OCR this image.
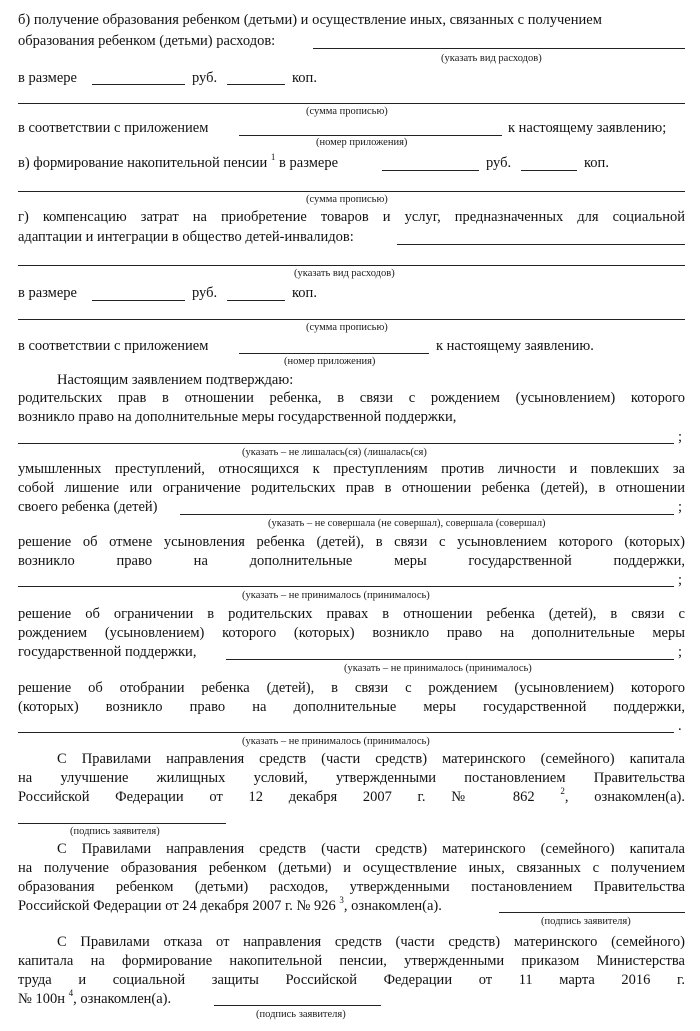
б) получение образования ребенком (детьми) и осуществление иных, связанных с получением
образования ребенком (детьми) расходов:
(указать вид расходов)
в размере	руб.	коп.
(сумма прописью)
в соответствии с приложением	к настоящему заявлению;
(номер приложения)
в) формирование накопительной пенсии $^1$ в размере	руб.	коп.
(сумма прописью)
г) компенсацию затрат на приобретение товаров и услуг, предназначенных для социальной
адаптации и интеграции в общество детей-инвалидов:
(указать вид расходов)
в размере	руб.	коп.
(сумма прописью)
в соответствии с приложением	к настоящему заявлению.
(номер приложения)
Настоящим заявлением подтверждаю:
родительских прав в отношении ребенка, в связи с рождением (усыновлением) которого
возникло право на дополнительные меры государственной поддержки,
;
(указать – не лишалась(ся) (лишалась(ся)
умышленных преступлений, относящихся к преступлениям против личности и повлекших за
собой лишение или ограничение родительских прав в отношении ребенка (детей), в отношении
своего ребенка (детей)	;
(указать – не совершала (не совершал), совершала (совершал)
решение об отмене усыновления ребенка (детей), в связи с усыновлением которого (которых)
возникло право на дополнительные меры государственной поддержки,
;
(указать – не принималось (принималось)
решение об ограничении в родительских правах в отношении ребенка (детей), в связи с
рождением (усыновлением) которого (которых) возникло право на дополнительные меры
государственной поддержки,	;
(указать – не принималось (принималось)
решение об отобрании ребенка (детей), в связи с рождением (усыновлением) которого
(которых) возникло право на дополнительные меры государственной поддержки,
.
(указать – не принималось (принималось)
С Правилами направления средств (части средств) материнского (семейного) капитала
на улучшение жилищных условий, утвержденными постановлением Правительства
Российской Федерации от 12 декабря 2007 г. № 862	$^2$, ознакомлен(а).
(подпись заявителя)
С Правилами направления средств (части средств) материнского (семейного) капитала
на получение образования ребенком (детьми) и осуществление иных, связанных с получением
образования ребенком (детьми) расходов, утвержденными постановлением Правительства
Российской Федерации от 24 декабря 2007 г. № 926 $^3$, ознакомлен(а).
(подпись заявителя)
С Правилами отказа от направления средств (части средств) материнского (семейного)
капитала на формирование накопительной пенсии, утвержденными приказом Министерства
труда и социальной защиты Российской Федерации от 11 марта 2016 г.
№ 100н $^4$, ознакомлен(а).
(подпись заявителя)
